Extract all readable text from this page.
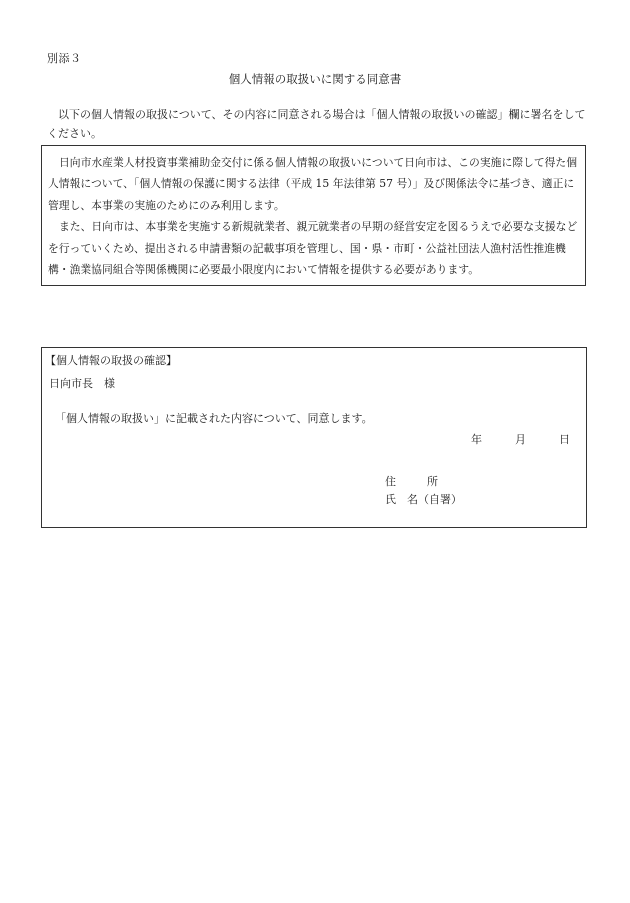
別添３
個人情報の取扱いに関する同意書
以下の個人情報の取扱について、その内容に同意される場合は「個人情報の取扱いの確認」欄に署名をしてください。

日向市水産業人材投資事業補助金交付に係る個人情報の取扱いについて日向市は、この実施に際して得た個人情報について、「個人情報の保護に関する法律（平成 15 年法律第 57 号）」及び関係法令に基づき、適正に管理し、本事業の実施のためにのみ利用します。

また、日向市は、本事業を実施する新規就業者、親元就業者の早期の経営安定を図るうえで必要な支援などを行っていくため、提出される申請書類の記載事項を管理し、国・県・市町・公益社団法人漁村活性推進機構・漁業協同組合等関係機関に必要最小限度内において情報を提供する必要があります。

【個人情報の取扱の確認】
日向市長　様
「個人情報の取扱い」に記載された内容について、同意します。
年	月	日
住　所
氏　名（自署）
